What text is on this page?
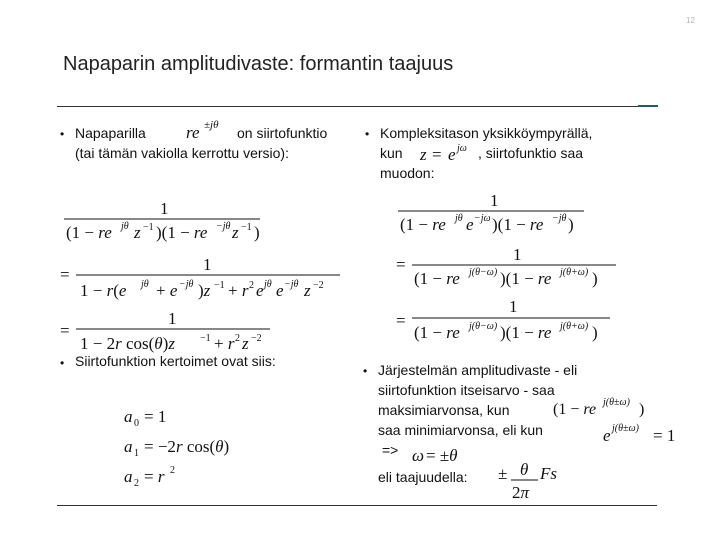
12
Napaparin amplitudivaste: formantin taajuus
• Napaparilla re ±jθ on siirtofunktio
(tai tämän vakiolla kerrottu versio):
1
(1 − re jθ z −1 )(1 − re −jθ z −1 )
=
1
1 − r(e jθ + e −jθ )z −1 + r 2 e jθ e −jθ z −2
=
1
1 − 2r cos(θ)z	−1 + r 2 z −2
• Siirtofunktion kertoimet ovat siis:
a 0 = 1
a 1 = −2r cos(θ)
a 2 = r 2
• Kompleksitason yksikköympyrällä,
kun z = e jω , siirtofunktio saa
muodon:
1
(1 − re jθ e −jω )(1 − re −jθ )
=
1
(1 − re j(θ−ω) )(1 − re j(θ+ω) )
=
1
(1 − re j(θ−ω) )(1 − re j(θ+ω) )
• Järjestelmän amplitudivaste - eli
siirtofunktion itseisarvo - saa
maksimiarvonsa, kun	(1 − re j(θ±ω) )
saa minimiarvonsa, eli kun	e j(θ±ω) = 1
=> ω = ±θ
eli taajuudella: ± θ
2π
Fs
